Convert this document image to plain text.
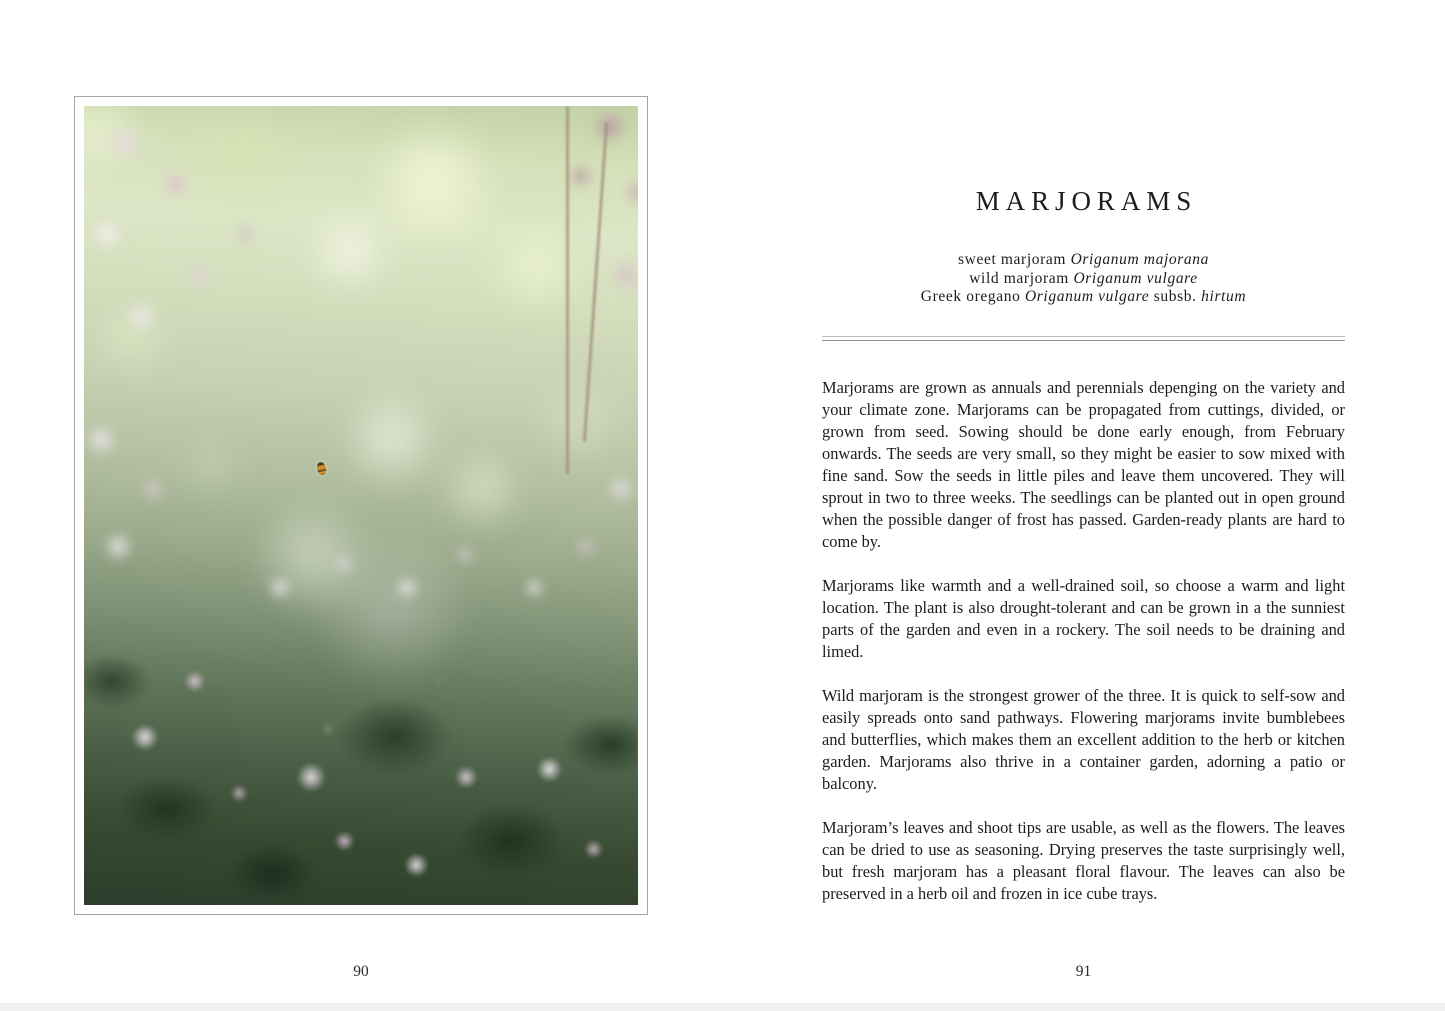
90
MARJORAMS
sweet marjoram Origanum majorana
wild marjoram Origanum vulgare
Greek oregano Origanum vulgare subsb. hirtum

Marjorams are grown as annuals and perennials depenging on the variety and your climate zone. Marjorams can be propagated from cuttings, divided, or grown from seed. Sowing should be done early enough, from February onwards. The seeds are very small, so they might be easier to sow mixed with fine sand. Sow the seeds in little piles and leave them uncovered. They will sprout in two to three weeks. The seedlings can be planted out in open ground when the possible danger of frost has passed. Garden-ready plants are hard to come by.

Marjorams like warmth and a well-drained soil, so choose a warm and light location. The plant is also drought-tolerant and can be grown in a the sunniest parts of the garden and even in a rockery. The soil needs to be draining and limed.

Wild marjoram is the strongest grower of the three. It is quick to self-sow and easily spreads onto sand pathways. Flowering marjorams invite bumblebees and butterflies, which makes them an excellent addition to the herb or kitchen garden. Marjorams also thrive in a container garden, adorning a patio or balcony.

Marjoram’s leaves and shoot tips are usable, as well as the flowers. The leaves can be dried to use as seasoning. Drying preserves the taste surprisingly well, but fresh marjoram has a pleasant floral flavour. The leaves can also be preserved in a herb oil and frozen in ice cube trays.

91
